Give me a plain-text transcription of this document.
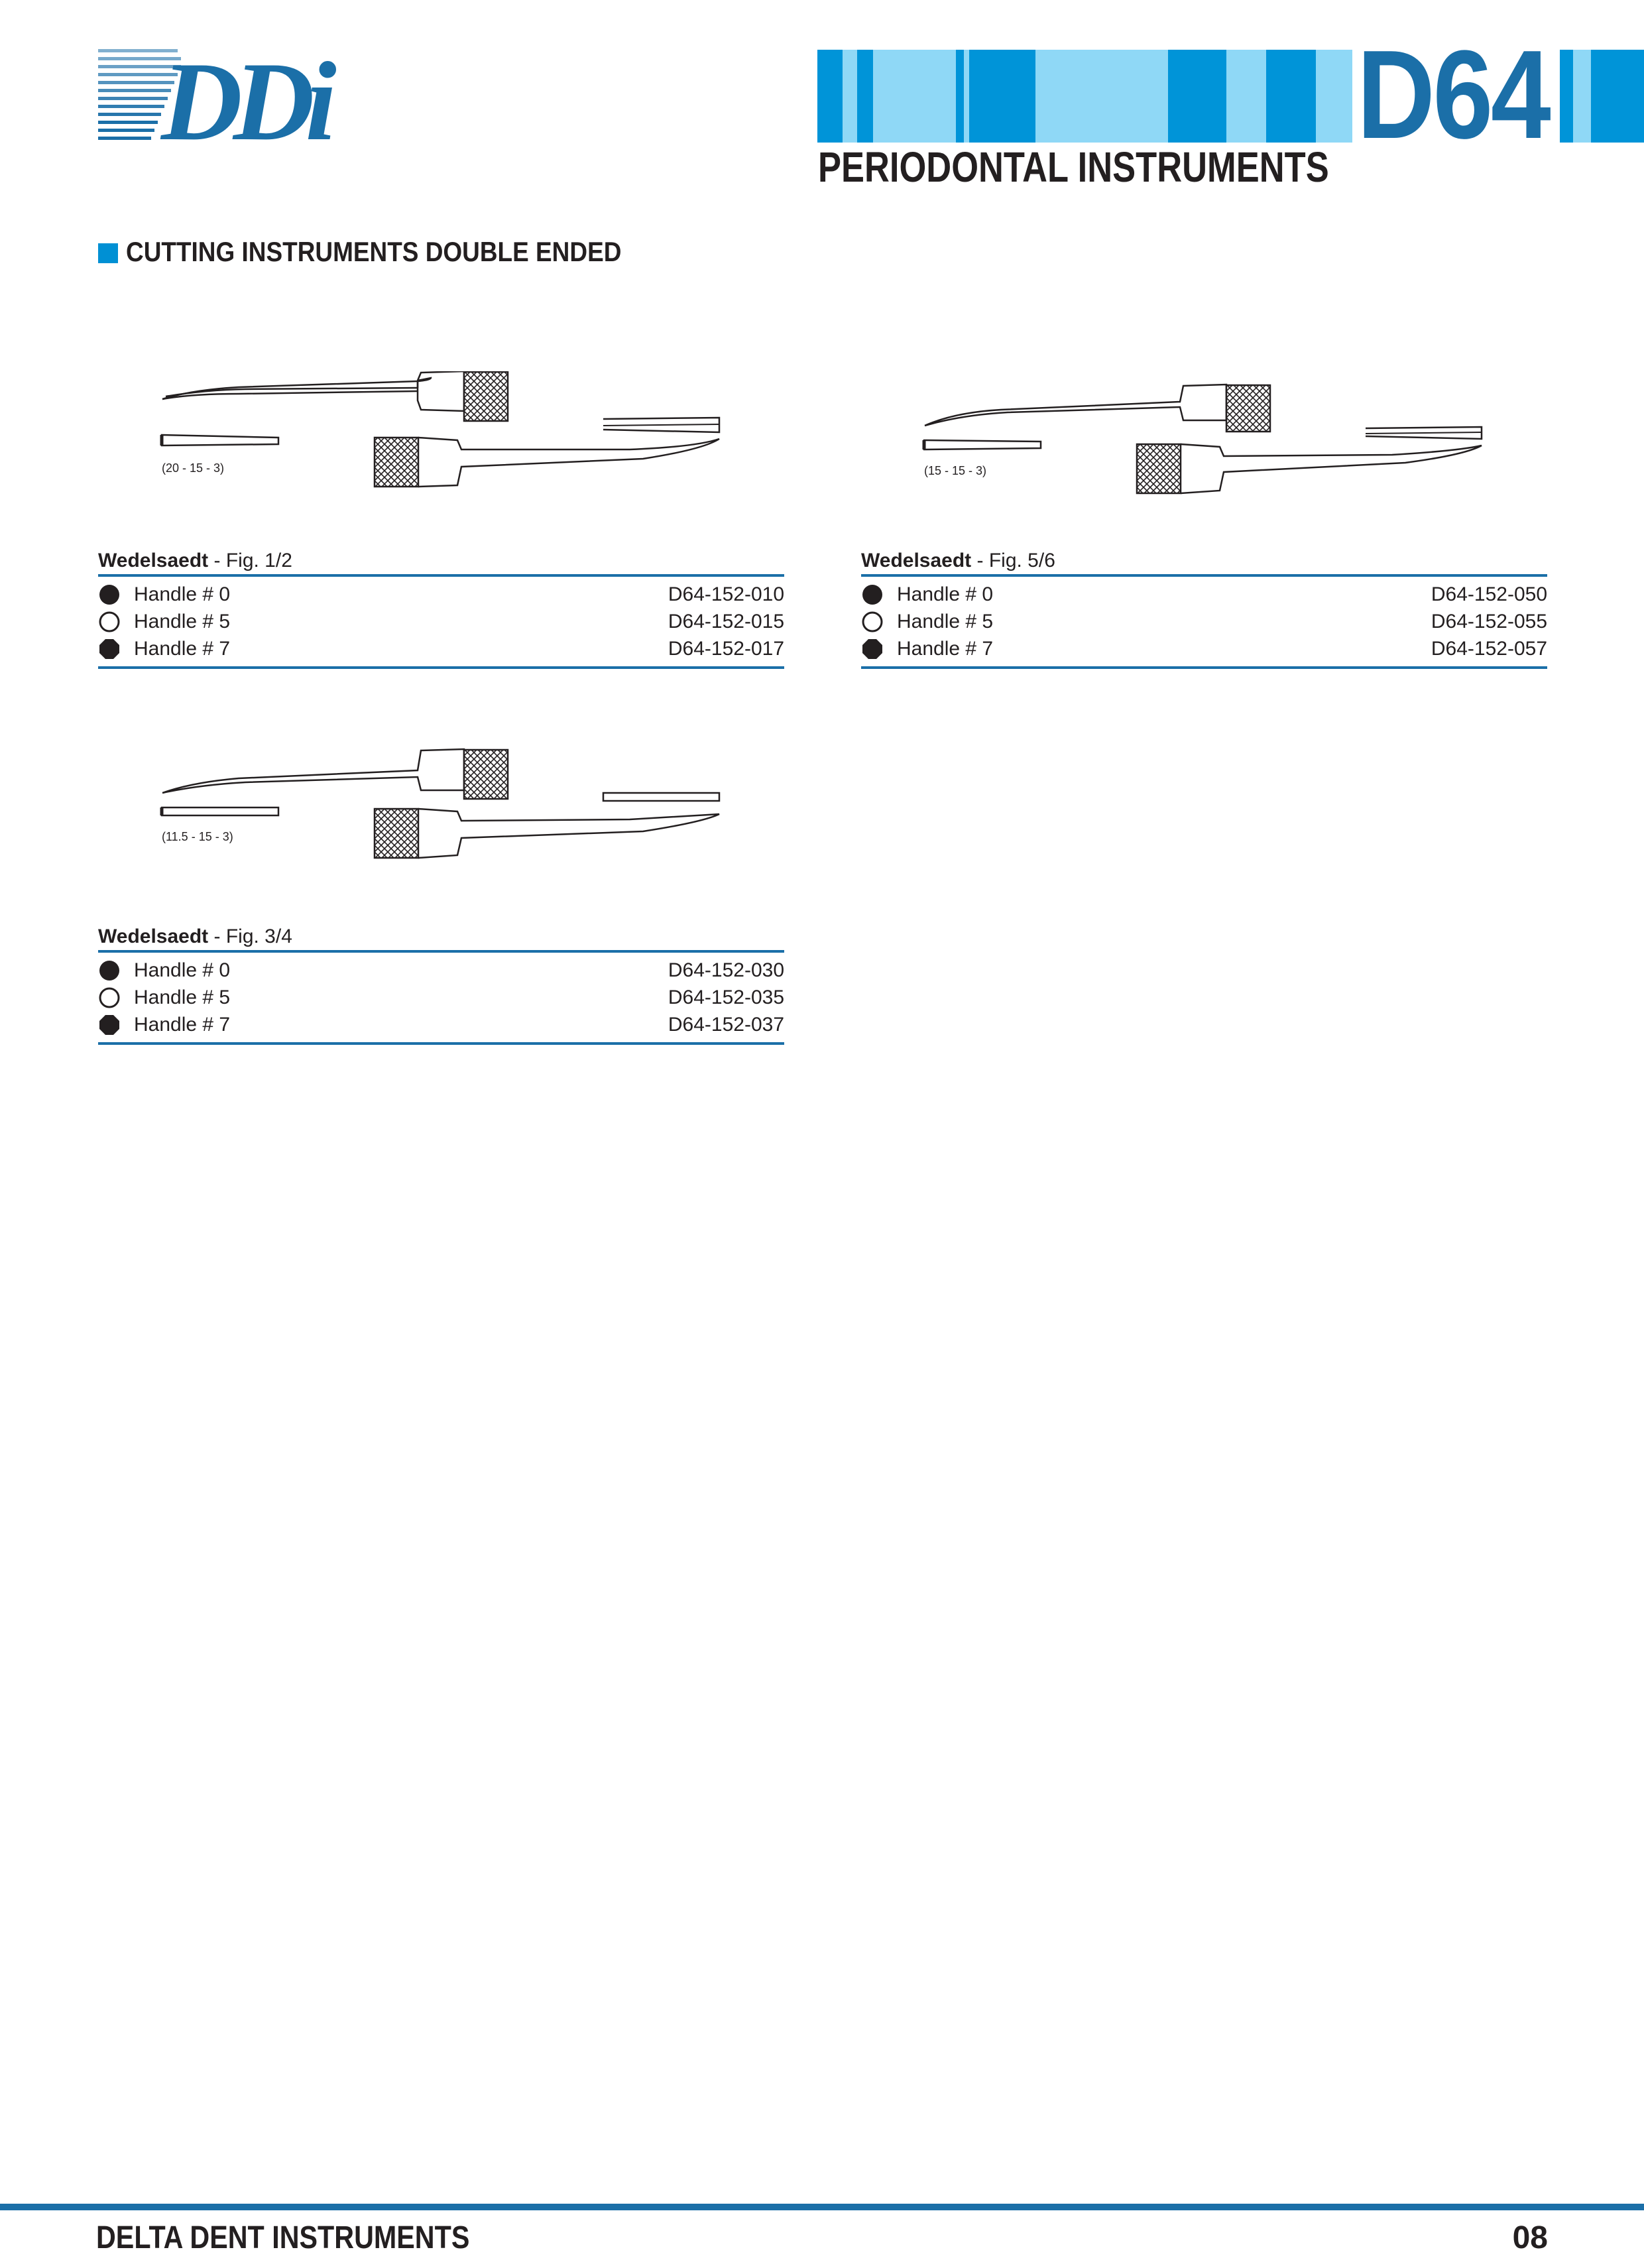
DDi	D64
PERIODONTAL INSTRUMENTS
CUTTING INSTRUMENTS DOUBLE ENDED
(20 - 15 - 3)	(15 - 15 - 3)
(11.5 - 15 - 3)
Wedelsaedt - Fig. 1/2
Handle # 0	D64-152-010
Handle # 5	D64-152-015
Handle # 7	D64-152-017
Wedelsaedt - Fig. 5/6
Handle # 0	D64-152-050
Handle # 5	D64-152-055
Handle # 7	D64-152-057
Wedelsaedt - Fig. 3/4
Handle # 0	D64-152-030
Handle # 5	D64-152-035
Handle # 7	D64-152-037
DELTA DENT INSTRUMENTS	08
